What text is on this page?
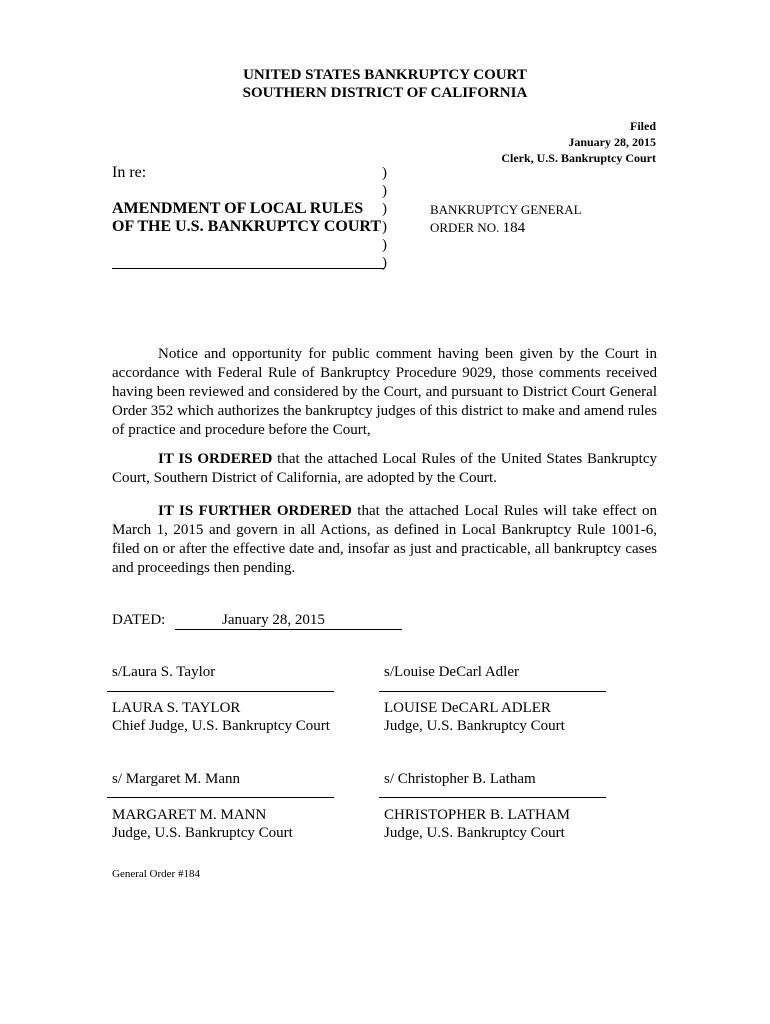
UNITED STATES BANKRUPTCY COURT
SOUTHERN DISTRICT OF CALIFORNIA
Filed
January 28, 2015
Clerk, U.S. Bankruptcy Court
In re:
AMENDMENT OF LOCAL RULES
OF THE U.S. BANKRUPTCY COURT
)
)
)
)
)
)
BANKRUPTCY GENERAL
ORDER NO. 184
Notice and opportunity for public comment having been given by the Court in accordance with Federal Rule of Bankruptcy Procedure 9029, those comments received having been reviewed and considered by the Court, and pursuant to District Court General Order 352 which authorizes the bankruptcy judges of this district to make and amend rules of practice and procedure before the Court,
IT IS ORDERED that the attached Local Rules of the United States Bankruptcy Court, Southern District of California, are adopted by the Court.
IT IS FURTHER ORDERED that the attached Local Rules will take effect on March 1, 2015 and govern in all Actions, as defined in Local Bankruptcy Rule 1001-6, filed on or after the effective date and, insofar as just and practicable, all bankruptcy cases and proceedings then pending.
DATED:	January 28, 2015
s/Laura S. Taylor
LAURA S. TAYLOR
Chief Judge, U.S. Bankruptcy Court
s/Louise DeCarl Adler
LOUISE DeCARL ADLER
Judge, U.S. Bankruptcy Court
s/ Margaret M. Mann
MARGARET M. MANN
Judge, U.S. Bankruptcy Court
s/ Christopher B. Latham
CHRISTOPHER B. LATHAM
Judge, U.S. Bankruptcy Court
General Order #184
